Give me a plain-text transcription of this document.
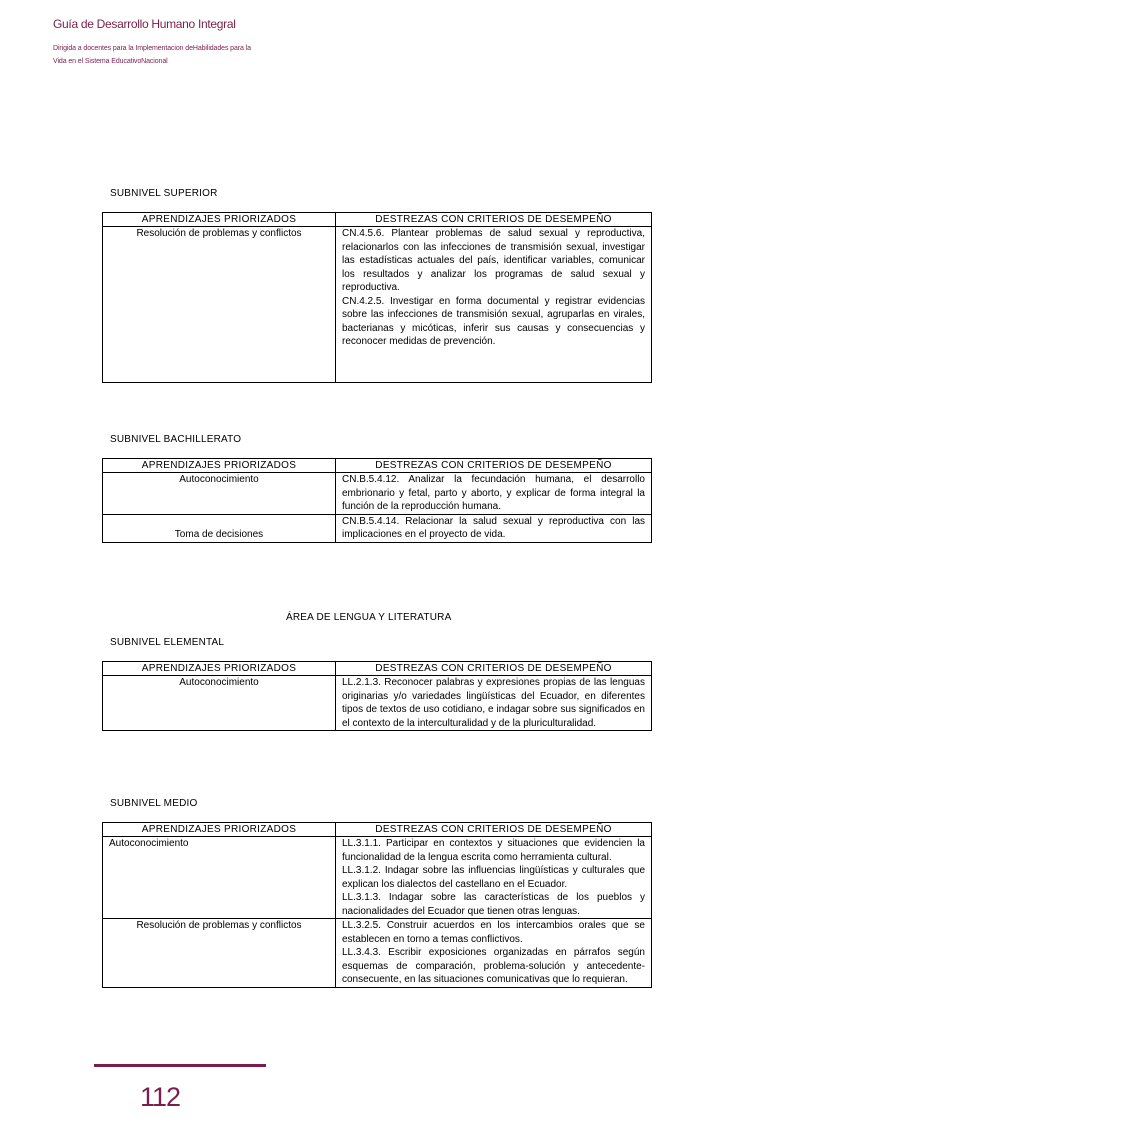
Guía de Desarrollo Humano Integral
Dirigida a docentes para la Implementacion deHabilidades para la
Vida en el Sistema EducativoNacional
SUBNIVEL SUPERIOR
APRENDIZAJES PRIORIZADOS	DESTREZAS CON CRITERIOS DE DESEMPEÑO
Resolución de problemas y conflictos	CN.4.5.6. Plantear problemas de salud sexual y reproductiva, relacionarlos con las infecciones de transmisión sexual, investigar las estadísticas actuales del país, identificar variables, comunicar los resultados y analizar los programas de salud sexual y reproductiva.

CN.4.2.5. Investigar en forma documental y registrar evidencias sobre las infecciones de transmisión sexual, agruparlas en virales, bacterianas y micóticas, inferir sus causas y consecuencias y reconocer medidas de prevención.

SUBNIVEL BACHILLERATO
APRENDIZAJES PRIORIZADOS	DESTREZAS CON CRITERIOS DE DESEMPEÑO
Autoconocimiento	CN.B.5.4.12. Analizar la fecundación humana, el desarrollo embrionario y fetal, parto y aborto, y explicar de forma integral la función de la reproducción humana.

Toma de decisiones	CN.B.5.4.14. Relacionar la salud sexual y reproductiva con las implicaciones en el proyecto de vida.

ÁREA DE LENGUA Y LITERATURA
SUBNIVEL ELEMENTAL
APRENDIZAJES PRIORIZADOS	DESTREZAS CON CRITERIOS DE DESEMPEÑO
Autoconocimiento	LL.2.1.3. Reconocer palabras y expresiones propias de las lenguas originarias y/o variedades lingüísticas del Ecuador, en diferentes tipos de textos de uso cotidiano, e indagar sobre sus significados en el contexto de la interculturalidad y de la pluriculturalidad.

SUBNIVEL MEDIO
APRENDIZAJES PRIORIZADOS	DESTREZAS CON CRITERIOS DE DESEMPEÑO
Autoconocimiento	LL.3.1.1. Participar en contextos y situaciones que evidencien la funcionalidad de la lengua escrita como herramienta cultural.

LL.3.1.2. Indagar sobre las influencias lingüísticas y culturales que explican los dialectos del castellano en el Ecuador.

LL.3.1.3. Indagar sobre las características de los pueblos y nacionalidades del Ecuador que tienen otras lenguas.

Resolución de problemas y conflictos	LL.3.2.5. Construir acuerdos en los intercambios orales que se establecen en torno a temas conflictivos.

LL.3.4.3. Escribir exposiciones organizadas en párrafos según esquemas de comparación, problema-solución y antecedente-consecuente, en las situaciones comunicativas que lo requieran.

112
